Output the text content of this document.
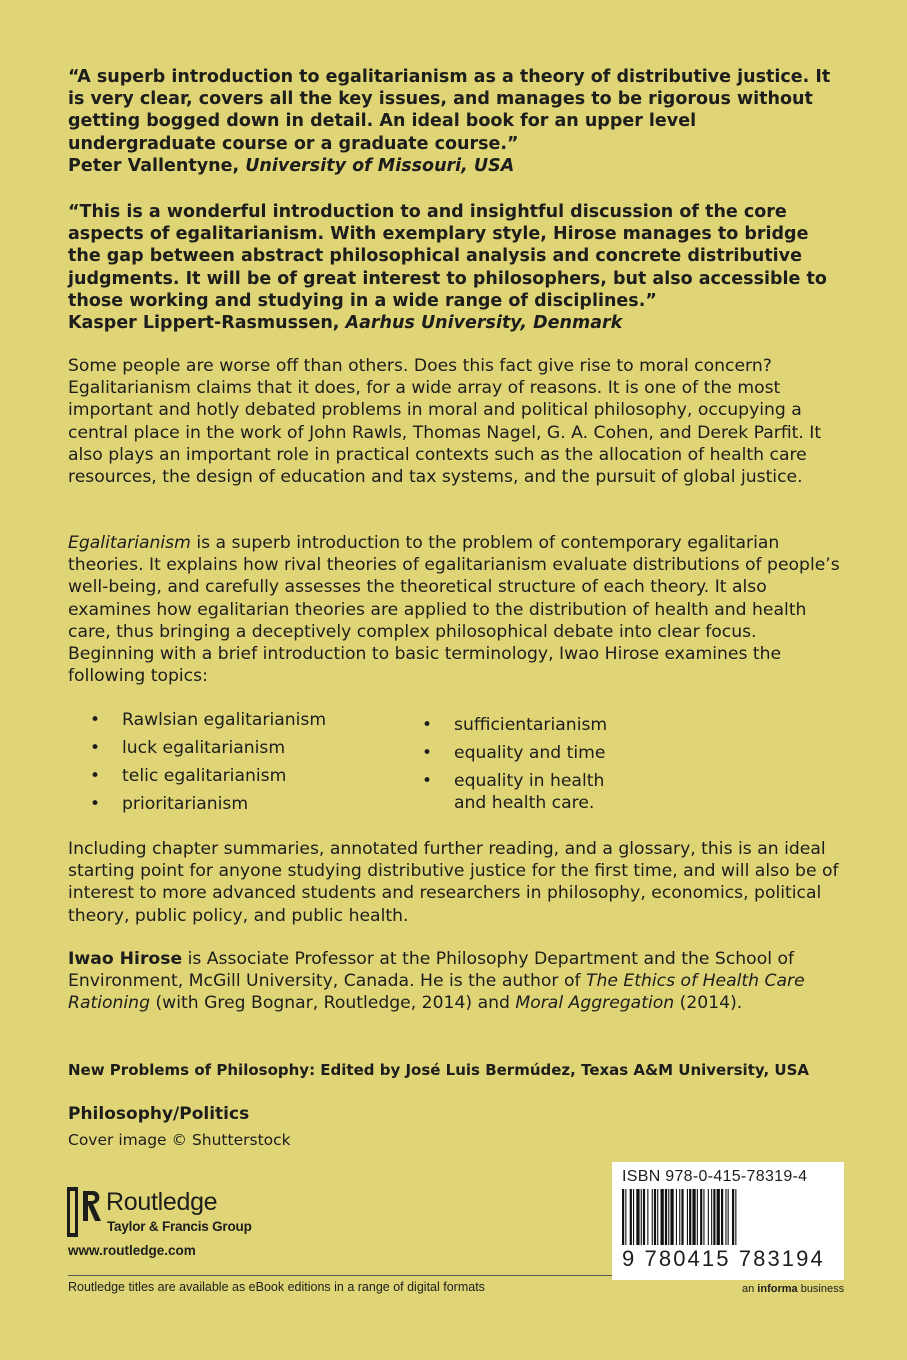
“A superb introduction to egalitarianism as a theory of distributive justice. It is very clear, covers all the key issues, and manages to be rigorous without getting bogged down in detail. An ideal book for an upper level undergraduate course or a graduate course.”
Peter Vallentyne, University of Missouri, USA
“This is a wonderful introduction to and insightful discussion of the core aspects of egalitarianism. With exemplary style, Hirose manages to bridge the gap between abstract philosophical analysis and concrete distributive judgments. It will be of great interest to philosophers, but also accessible to those working and studying in a wide range of disciplines.”
Kasper Lippert-Rasmussen, Aarhus University, Denmark

Some people are worse off than others. Does this fact give rise to moral concern? Egalitarianism claims that it does, for a wide array of reasons. It is one of the most important and hotly debated problems in moral and political philosophy, occupying a central place in the work of John Rawls, Thomas Nagel, G. A. Cohen, and Derek Parfit. It also plays an important role in practical contexts such as the allocation of health care resources, the design of education and tax systems, and the pursuit of global justice.

Egalitarianism is a superb introduction to the problem of contemporary egalitarian theories. It explains how rival theories of egalitarianism evaluate distributions of people’s well-being, and carefully assesses the theoretical structure of each theory. It also examines how egalitarian theories are applied to the distribution of health and health care, thus bringing a deceptively complex philosophical debate into clear focus. Beginning with a brief introduction to basic terminology, Iwao Hirose examines the following topics:

• Rawlsian egalitarianism
• luck egalitarianism
• telic egalitarianism
• prioritarianism
• sufficientarianism
• equality and time
• equality in health and health care.

Including chapter summaries, annotated further reading, and a glossary, this is an ideal starting point for anyone studying distributive justice for the first time, and will also be of interest to more advanced students and researchers in philosophy, economics, political theory, public policy, and public health.

Iwao Hirose is Associate Professor at the Philosophy Department and the School of Environment, McGill University, Canada. He is the author of The Ethics of Health Care Rationing (with Greg Bognar, Routledge, 2014) and Moral Aggregation (2014).

New Problems of Philosophy: Edited by José Luis Bermúdez, Texas A&M University, USA

Philosophy/Politics

Cover image © Shutterstock

Routledge
Taylor & Francis Group

www.routledge.com

Routledge titles are available as eBook editions in a range of digital formats

ISBN 978-0-415-78319-4

9 780415 783194

an informa business
